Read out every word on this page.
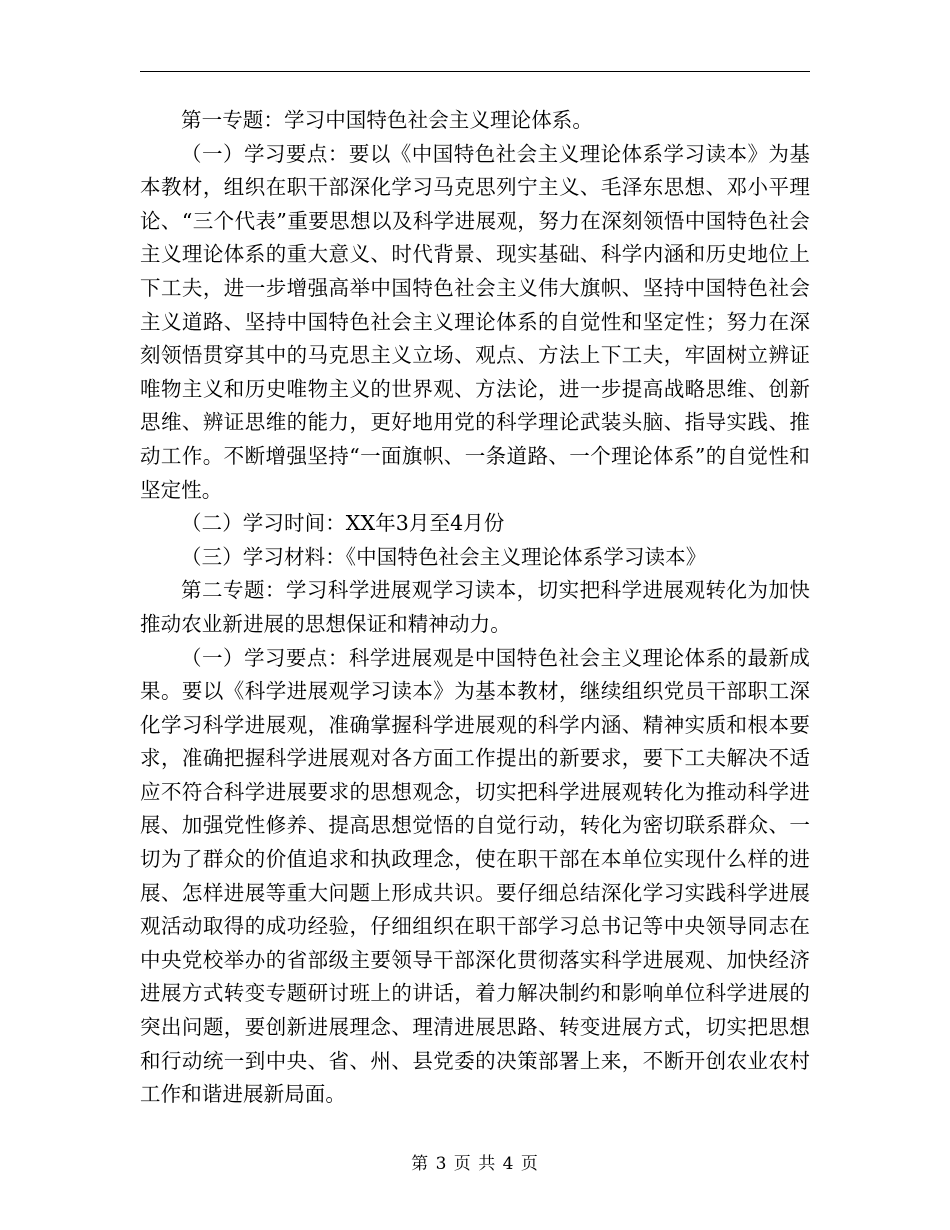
第一专题：学习中国特色社会主义理论体系。

（一）学习要点：要以《中国特色社会主义理论体系学习读本》为基本教材，组织在职干部深化学习马克思列宁主义、毛泽东思想、邓小平理论、“三个代表”重要思想以及科学进展观，努力在深刻领悟中国特色社会主义理论体系的重大意义、时代背景、现实基础、科学内涵和历史地位上下工夫，进一步增强高举中国特色社会主义伟大旗帜、坚持中国特色社会主义道路、坚持中国特色社会主义理论体系的自觉性和坚定性；努力在深刻领悟贯穿其中的马克思主义立场、观点、方法上下工夫，牢固树立辨证唯物主义和历史唯物主义的世界观、方法论，进一步提高战略思维、创新思维、辨证思维的能力，更好地用党的科学理论武装头脑、指导实践、推动工作。不断增强坚持“一面旗帜、一条道路、一个理论体系”的自觉性和坚定性。

（二）学习时间：XX年3月至4月份

（三）学习材料：《中国特色社会主义理论体系学习读本》

第二专题：学习科学进展观学习读本，切实把科学进展观转化为加快推动农业新进展的思想保证和精神动力。

（一）学习要点：科学进展观是中国特色社会主义理论体系的最新成果。要以《科学进展观学习读本》为基本教材，继续组织党员干部职工深化学习科学进展观，准确掌握科学进展观的科学内涵、精神实质和根本要求，准确把握科学进展观对各方面工作提出的新要求，要下工夫解决不适应不符合科学进展要求的思想观念，切实把科学进展观转化为推动科学进展、加强党性修养、提高思想觉悟的自觉行动，转化为密切联系群众、一切为了群众的价值追求和执政理念，使在职干部在本单位实现什么样的进展、怎样进展等重大问题上形成共识。要仔细总结深化学习实践科学进展观活动取得的成功经验，仔细组织在职干部学习总书记等中央领导同志在中央党校举办的省部级主要领导干部深化贯彻落实科学进展观、加快经济进展方式转变专题研讨班上的讲话，着力解决制约和影响单位科学进展的突出问题，要创新进展理念、理清进展思路、转变进展方式，切实把思想和行动统一到中央、省、州、县党委的决策部署上来，不断开创农业农村工作和谐进展新局面。

第 3 页 共 4 页
